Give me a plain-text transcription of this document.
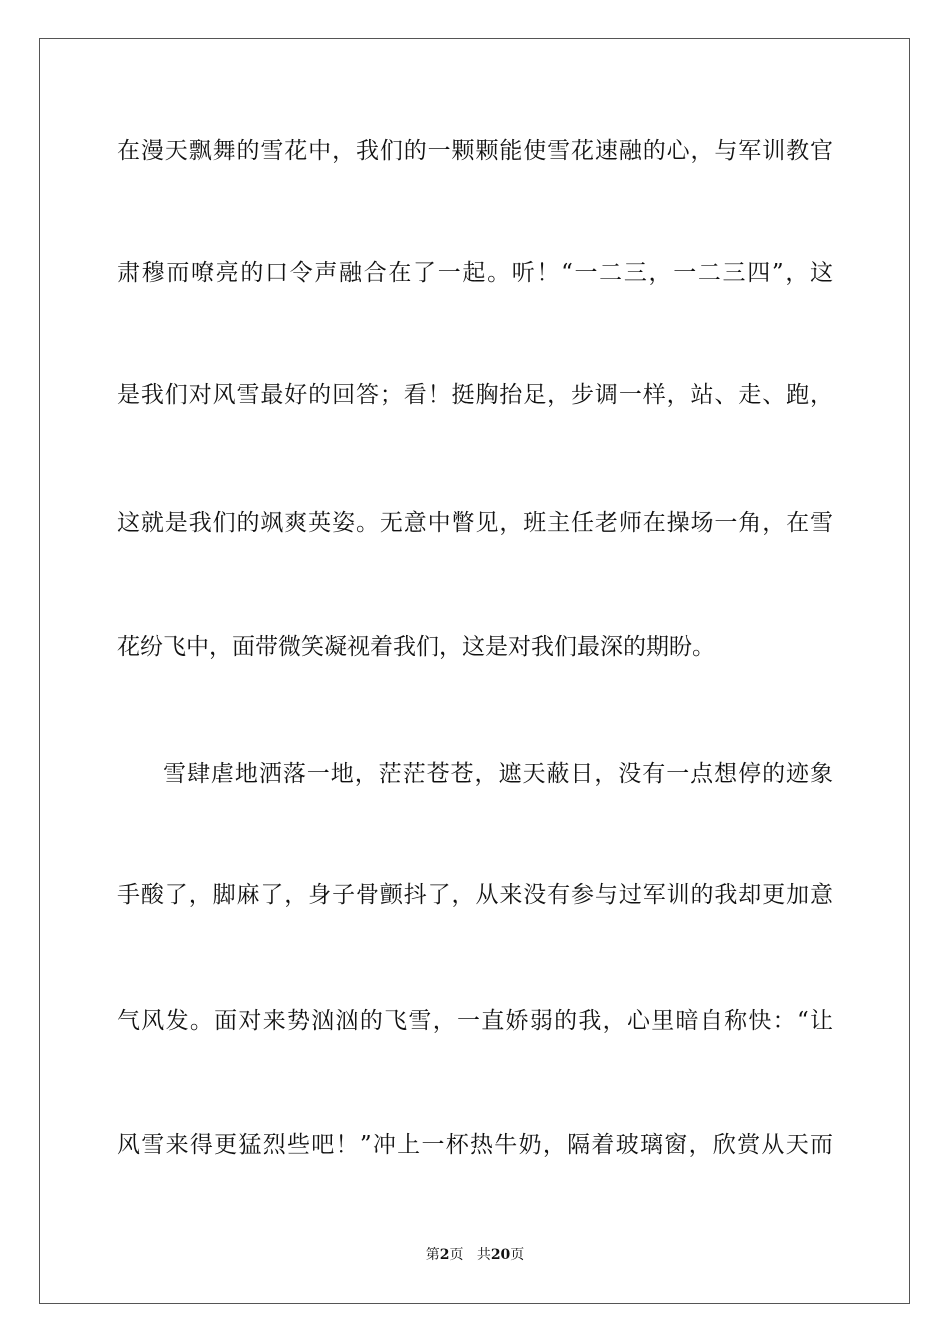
在漫天飘舞的雪花中，我们的一颗颗能使雪花速融的心，与军训教官
肃穆而嘹亮的口令声融合在了一起。听！“一二三，一二三四”，这
是我们对风雪最好的回答；看！挺胸抬足，步调一样，站、走、跑，
这就是我们的飒爽英姿。无意中瞥见，班主任老师在操场一角，在雪
花纷飞中，面带微笑凝视着我们，这是对我们最深的期盼。
雪肆虐地洒落一地，茫茫苍苍，遮天蔽日，没有一点想停的迹象
手酸了，脚麻了，身子骨颤抖了，从来没有参与过军训的我却更加意
气风发。面对来势汹汹的飞雪，一直娇弱的我，心里暗自称快：“让
风雪来得更猛烈些吧！”冲上一杯热牛奶，隔着玻璃窗，欣赏从天而
第2页 共20页
